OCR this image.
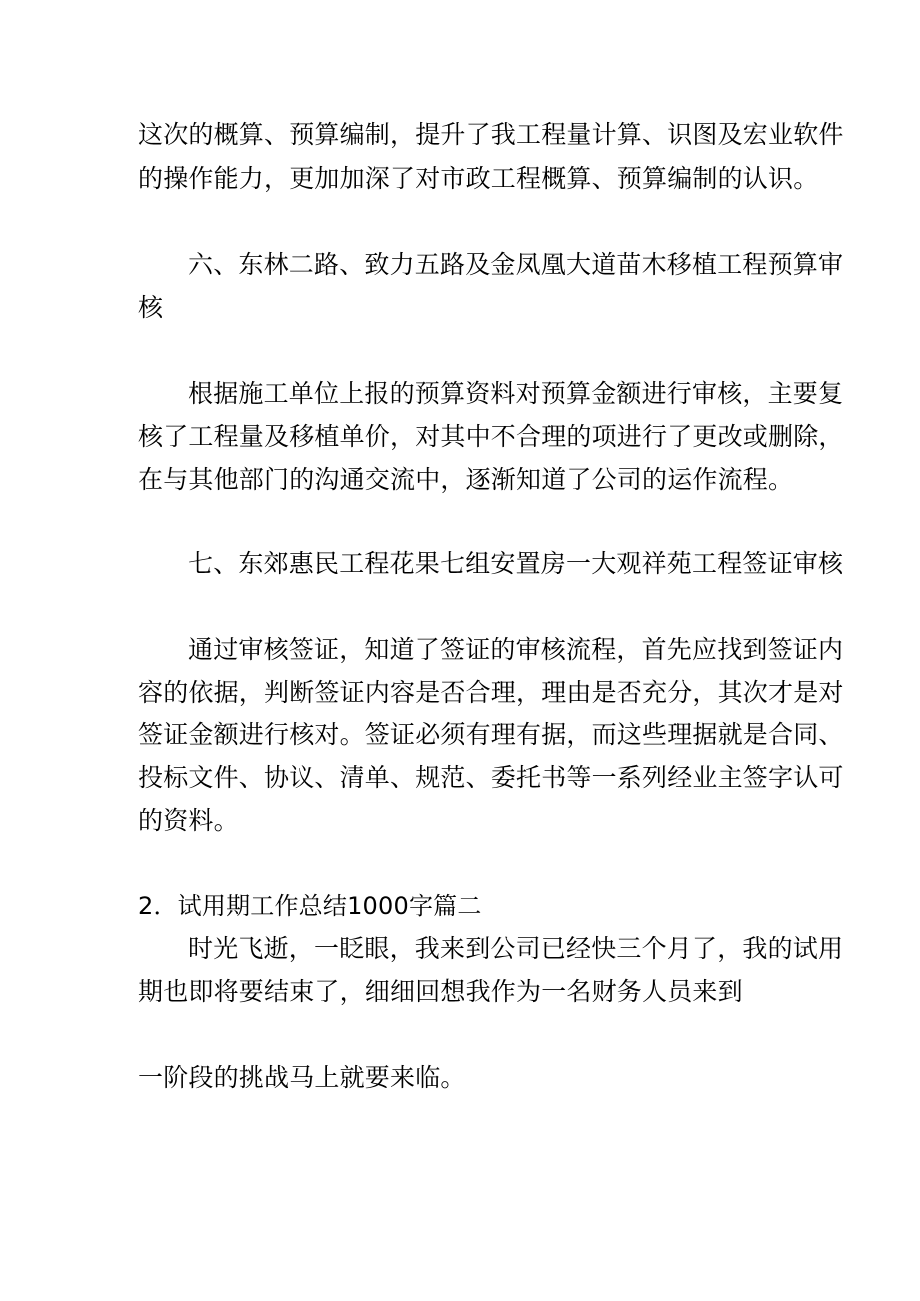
这次的概算、预算编制，提升了我工程量计算、识图及宏业软件
的操作能力，更加加深了对市政工程概算、预算编制的认识。
六、东林二路、致力五路及金凤凰大道苗木移植工程预算审
核
根据施工单位上报的预算资料对预算金额进行审核，主要复
核了工程量及移植单价，对其中不合理的项进行了更改或删除，
在与其他部门的沟通交流中，逐渐知道了公司的运作流程。
七、东郊惠民工程花果七组安置房一大观祥苑工程签证审核
通过审核签证，知道了签证的审核流程，首先应找到签证内
容的依据，判断签证内容是否合理，理由是否充分，其次才是对
签证金额进行核对。签证必须有理有据，而这些理据就是合同、
投标文件、协议、清单、规范、委托书等一系列经业主签字认可
的资料。
2．试用期工作总结1000字篇二
时光飞逝，一眨眼，我来到公司已经快三个月了，我的试用
期也即将要结束了，细细回想我作为一名财务人员来到
一阶段的挑战马上就要来临。
